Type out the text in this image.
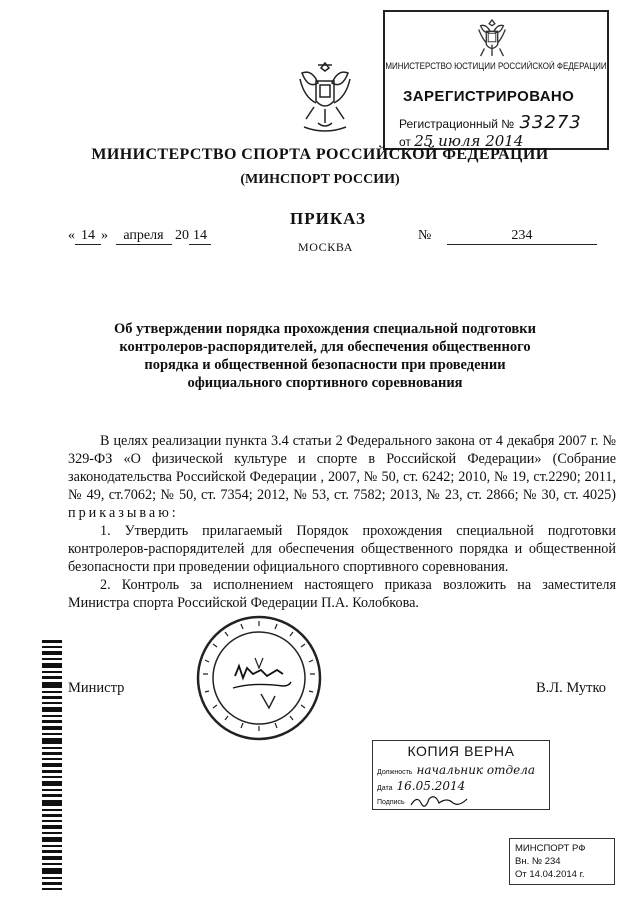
МИНИСТЕРСТВО ЮСТИЦИИ РОССИЙСКОЙ ФЕДЕРАЦИИ
ЗАРЕГИСТРИРОВАНО
Регистрационный № 33273
от 25 июля 2014
МИНИСТЕРСТВО СПОРТА РОССИЙСКОЙ ФЕДЕРАЦИИ
(МИНСПОРТ РОССИИ)
ПРИКАЗ
МОСКВА
« 14 » апреля 20 14	№	234
Об утверждении порядка прохождения специальной подготовки контролеров-распорядителей, для обеспечения общественного порядка и общественной безопасности при проведении официального спортивного соревнования

В целях реализации пункта 3.4 статьи 2 Федерального закона от 4 декабря 2007 г. № 329-ФЗ «О физической культуре и спорте в Российской Федерации» (Собрание законодательства Российской Федерации , 2007, № 50, ст. 6242; 2010, № 19, ст.2290; 2011, № 49, ст.7062; № 50, ст. 7354; 2012, № 53, ст. 7582; 2013, № 23, ст. 2866; № 30, ст. 4025) приказываю:

1. Утвердить прилагаемый Порядок прохождения специальной подготовки контролеров-распорядителей для обеспечения общественного порядка и общественной безопасности при проведении официального спортивного соревнования.

2. Контроль за исполнением настоящего приказа возложить на заместителя Министра спорта Российской Федерации П.А. Колобкова.

Министр	В.Л. Мутко
КОПИЯ ВЕРНА
Должность начальник отдела
Дата 16.05.2014
Подпись
МИНСПОРТ РФ
Вн. № 234
От 14.04.2014 г.
